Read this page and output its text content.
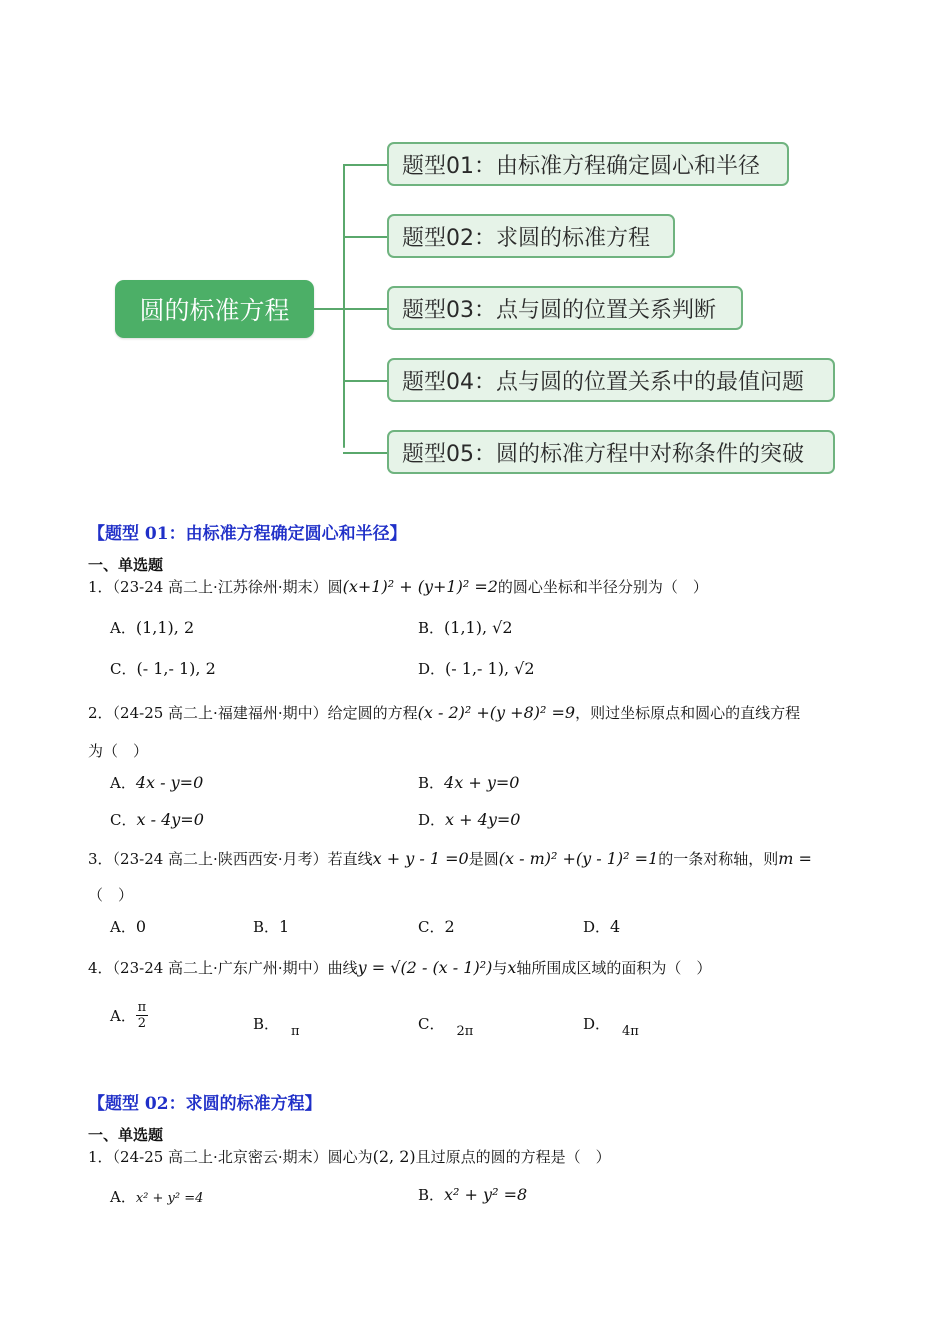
圆的标准方程
题型01：由标准方程确定圆心和半径
题型02：求圆的标准方程
题型03：点与圆的位置关系判断
题型04：点与圆的位置关系中的最值问题
题型05：圆的标准方程中对称条件的突破
【题型 01：由标准方程确定圆心和半径】
一、单选题
1．（23-24 高二上·江苏徐州·期末）圆(x+1)² + (y+1)² =2的圆心坐标和半径分别为（　）
A．(1,1), 2	B．(1,1), √2
C．(- 1,- 1), 2	D．(- 1,- 1), √2
2．（24-25 高二上·福建福州·期中）给定圆的方程(x - 2)² +(y +8)² =9，则过坐标原点和圆心的直线方程
为（　）
A．4x - y=0	B．4x + y=0
C．x - 4y=0	D．x + 4y=0
3．（23-24 高二上·陕西西安·月考）若直线x + y - 1 =0是圆(x - m)² +(y - 1)² =1的一条对称轴，则m =
（　）
A．0	B．1	C．2	D．4
4．（23-24 高二上·广东广州·期中）曲线y = √(2 - (x - 1)²)与x轴所围成区域的面积为（　）
A． $\frac{\pi}{2}$	B． π	C． 2π	D． 4π
【题型 02：求圆的标准方程】
一、单选题
1．（24-25 高二上·北京密云·期末）圆心为(2, 2)且过原点的圆的方程是（　）
A．x² + y² =4	B．x² + y² =8
